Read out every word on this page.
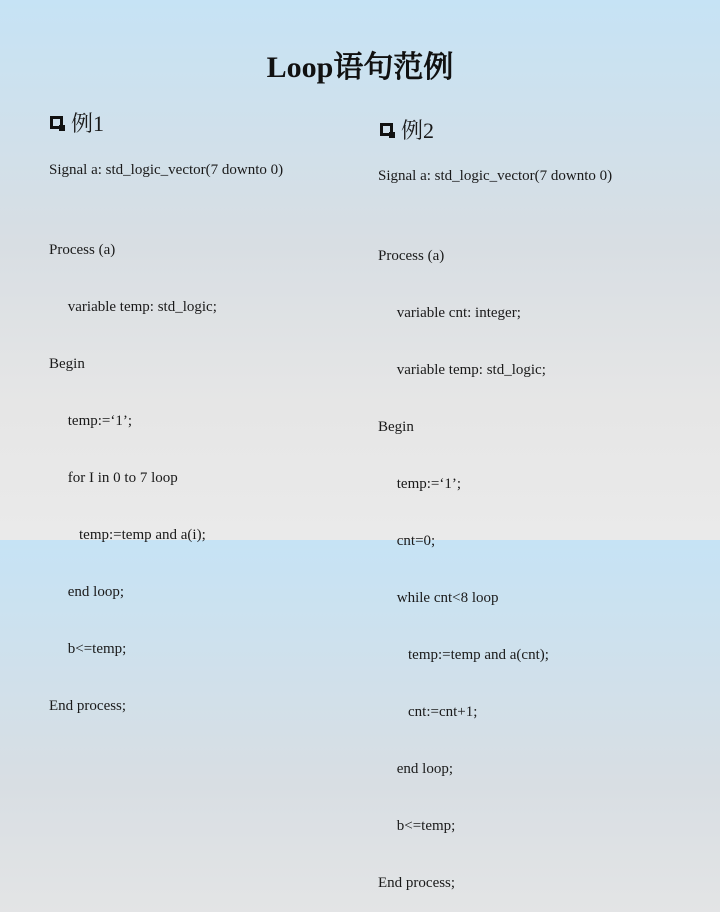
Loop语句范例
例1	例2
Signal a: std_logic_vector(7 downto 0)	Signal a: std_logic_vector(7 downto 0)

Process (a)

variable temp: std_logic;

Begin

temp:=‘1’;

for I in 0 to 7 loop

temp:=temp and a(i);

end loop;

b<=temp;

End process;

Process (a)

variable cnt: integer;

variable temp: std_logic;

Begin

temp:=‘1’;

cnt=0;

while cnt<8 loop

temp:=temp and a(cnt);

cnt:=cnt+1;

end loop;

b<=temp;

End process;
